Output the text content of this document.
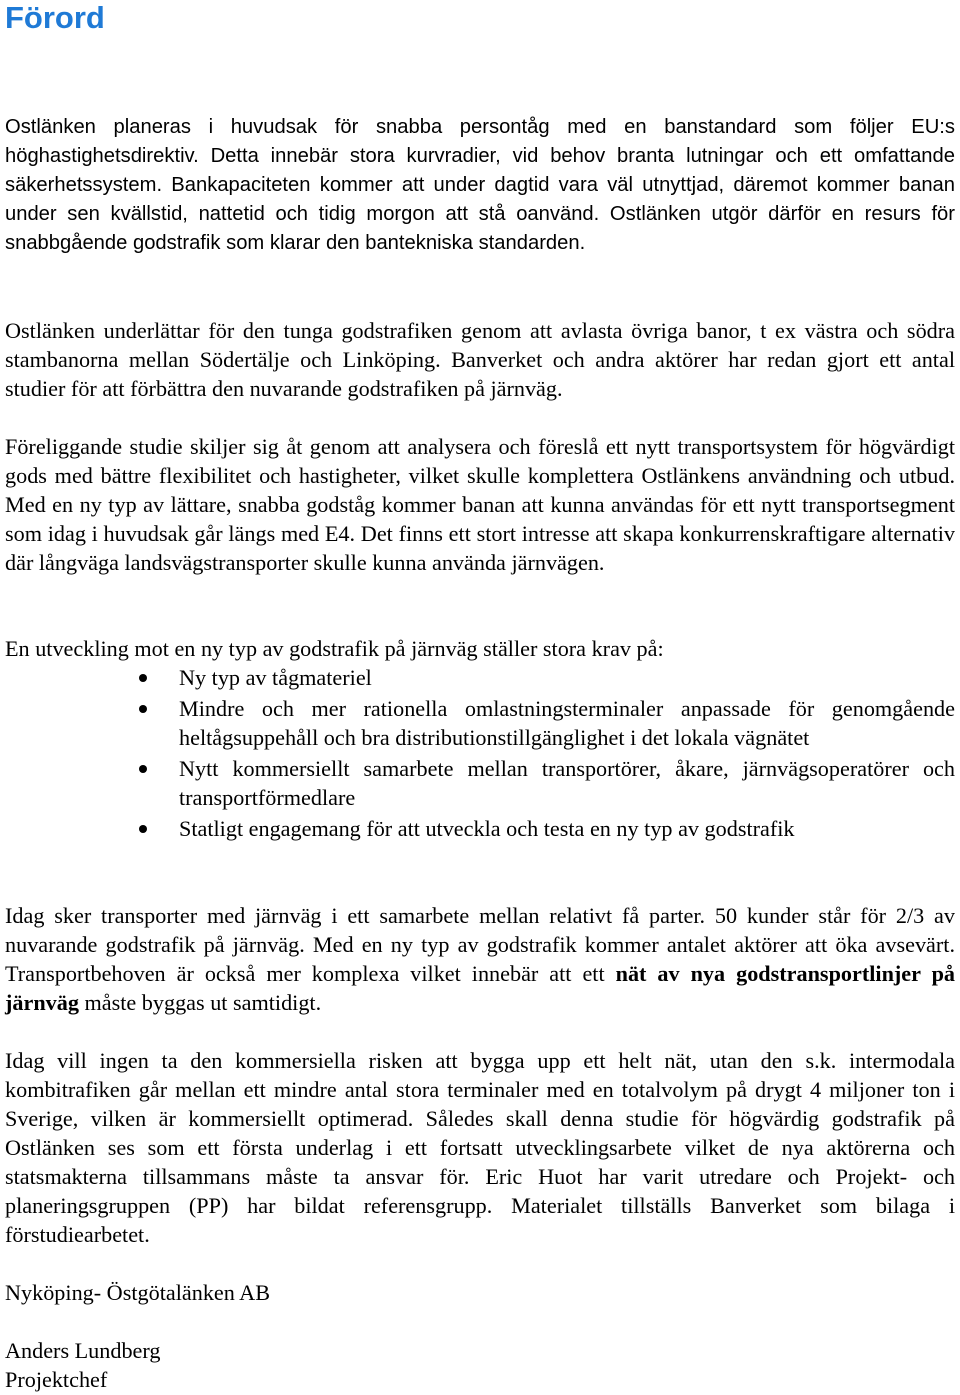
Förord

Ostlänken planeras i huvudsak för snabba persontåg med en banstandard som följer EU:s höghastighetsdirektiv. Detta innebär stora kurvradier, vid behov branta lutningar och ett omfattande säkerhetssystem. Bankapaciteten kommer att under dagtid vara väl utnyttjad, däremot kommer banan under sen kvällstid, nattetid och tidig morgon att stå oanvänd. Ostlänken utgör därför en resurs för snabbgående godstrafik som klarar den bantekniska standarden.

Ostlänken underlättar för den tunga godstrafiken genom att avlasta övriga banor, t ex västra och södra stambanorna mellan Södertälje och Linköping. Banverket och andra aktörer har redan gjort ett antal studier för att förbättra den nuvarande godstrafiken på järnväg.

Föreliggande studie skiljer sig åt genom att analysera och föreslå ett nytt transportsystem för högvärdigt gods med bättre flexibilitet och hastigheter, vilket skulle komplettera Ostlänkens användning och utbud. Med en ny typ av lättare, snabba godståg kommer banan att kunna användas för ett nytt transportsegment som idag i huvudsak går längs med E4. Det finns ett stort intresse att skapa konkurrenskraftigare alternativ där långväga landsvägstransporter skulle kunna använda järnvägen.

En utveckling mot en ny typ av godstrafik på järnväg ställer stora krav på:

Ny typ av tågmateriel
Mindre och mer rationella omlastningsterminaler anpassade för genomgående heltågsuppehåll och bra distributionstillgänglighet i det lokala vägnätet
Nytt kommersiellt samarbete mellan transportörer, åkare, järnvägsoperatörer och transportförmedlare
Statligt engagemang för att utveckla och testa en ny typ av godstrafik

Idag sker transporter med järnväg i ett samarbete mellan relativt få parter. 50 kunder står för 2/3 av nuvarande godstrafik på järnväg. Med en ny typ av godstrafik kommer antalet aktörer att öka avsevärt. Transportbehoven är också mer komplexa vilket innebär att ett nät av nya godstransportlinjer på järnväg måste byggas ut samtidigt.

Idag vill ingen ta den kommersiella risken att bygga upp ett helt nät, utan den s.k. intermodala kombitrafiken går mellan ett mindre antal stora terminaler med en totalvolym på drygt 4 miljoner ton i Sverige, vilken är kommersiellt optimerad. Således skall denna studie för högvärdig godstrafik på Ostlänken ses som ett första underlag i ett fortsatt utvecklingsarbete vilket de nya aktörerna och statsmakterna tillsammans måste ta ansvar för. Eric Huot har varit utredare och Projekt- och planeringsgruppen (PP) har bildat referensgrupp. Materialet tillställs Banverket som bilaga i förstudiearbetet.

Nyköping- Östgötalänken AB

Anders Lundberg

Projektchef
